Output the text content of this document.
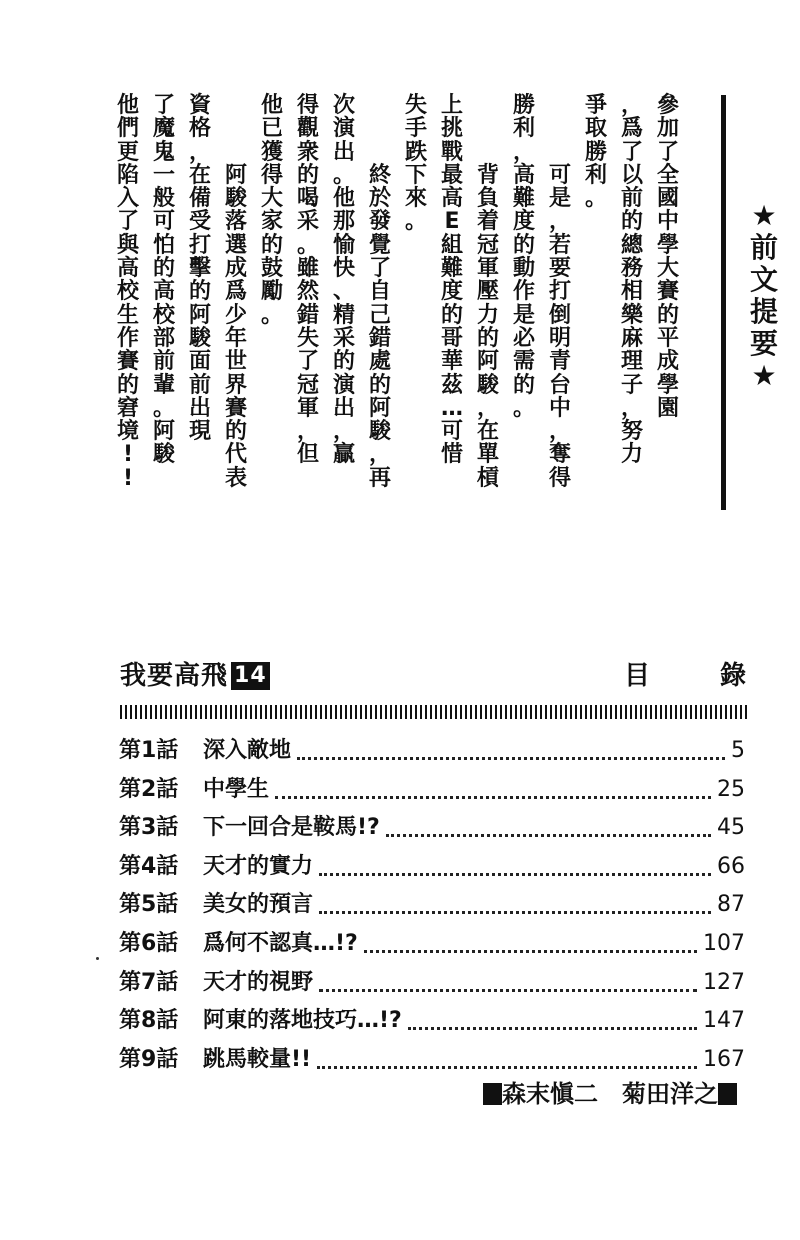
參
加
了
全
國
中
學
大
賽
的
平
成
學
園
，
爲
了
以
前
的
總
務
相
樂
麻
理
子
，
努
力
爭
取
勝
利
。

可
是
，
若
要
打
倒
明
青
台
中
，
奪
得
勝
利
，
高
難
度
的
動
作
是
必
需
的
。

背
負
着
冠
軍
壓
力
的
阿
駿
，
在
單
槓
上
挑
戰
最
高
E
組
難
度
的
哥
華
茲
…
可
惜
失
手
跌
下
來
。

終
於
發
覺
了
自
己
錯
處
的
阿
駿
，
再
次
演
出
。
他
那
愉
快
、
精
采
的
演
出
，
贏
得
觀
衆
的
喝
采
。
雖
然
錯
失
了
冠
軍
，
但
他
已
獲
得
大
家
的
鼓
勵
。

阿
駿
落
選
成
爲
少
年
世
界
賽
的
代
表
資
格
，
在
備
受
打
擊
的
阿
駿
面
前
出
現
了
魔
鬼
一
般
可
怕
的
高
校
部
前
輩
。
阿
駿
他
們
更
陷
入
了
與
高
校
生
作
賽
的
窘
境
!
!
★
前
文
提
要
★
我要高飛 14	目　錄
第1話	深入敵地	5
第2話	中學生	25
第3話	下一回合是鞍馬!?	45
第4話	天才的實力	66
第5話	美女的預言	87
第6話	爲何不認真…!?	107
第7話	天才的視野	127
第8話	阿東的落地技巧…!?	147
第9話	跳馬較量!!	167
森末愼二　菊田洋之
